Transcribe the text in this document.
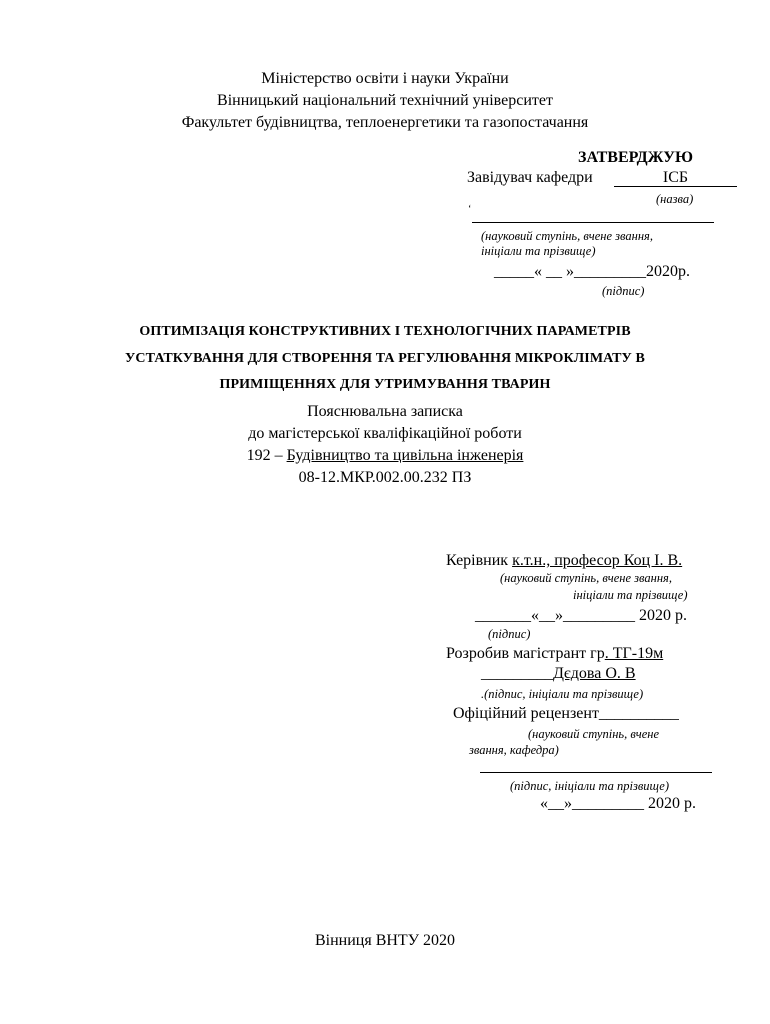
Міністерство освіти і науки України
Вінницький національний технічний університет
Факультет будівництва, теплоенергетики та газопостачання
ЗАТВЕРДЖУЮ
Завідувач кафедри	ІСБ
(назва)
‘
(науковий ступінь, вчене звання,
ініціали та прізвище)
_____« __ »_________2020р.
(підпис)
ОПТИМІЗАЦІЯ КОНСТРУКТИВНИХ І ТЕХНОЛОГІЧНИХ ПАРАМЕТРІВ
УСТАТКУВАННЯ ДЛЯ СТВОРЕННЯ ТА РЕГУЛЮВАННЯ МІКРОКЛІМАТУ В
ПРИМІЩЕННЯХ ДЛЯ УТРИМУВАННЯ ТВАРИН
Пояснювальна записка
до магістерської кваліфікаційної роботи
192 – Будівництво та цивільна інженерія
08-12.МКР.002.00.232 ПЗ
Керівник к.т.н., професор Коц І. В.
(науковий ступінь, вчене звання,
ініціали та прізвище)
_______«__»_________ 2020 р.
(підпис)
Розробив магістрант гр. ТГ-19м
_________Дєдова О. В
.(підпис, ініціали та прізвище)
Офіційний рецензент__________
(науковий ступінь, вчене
звання, кафедра)
(підпис, ініціали та прізвище)
«__»_________ 2020 р.
Вінниця ВНТУ 2020
